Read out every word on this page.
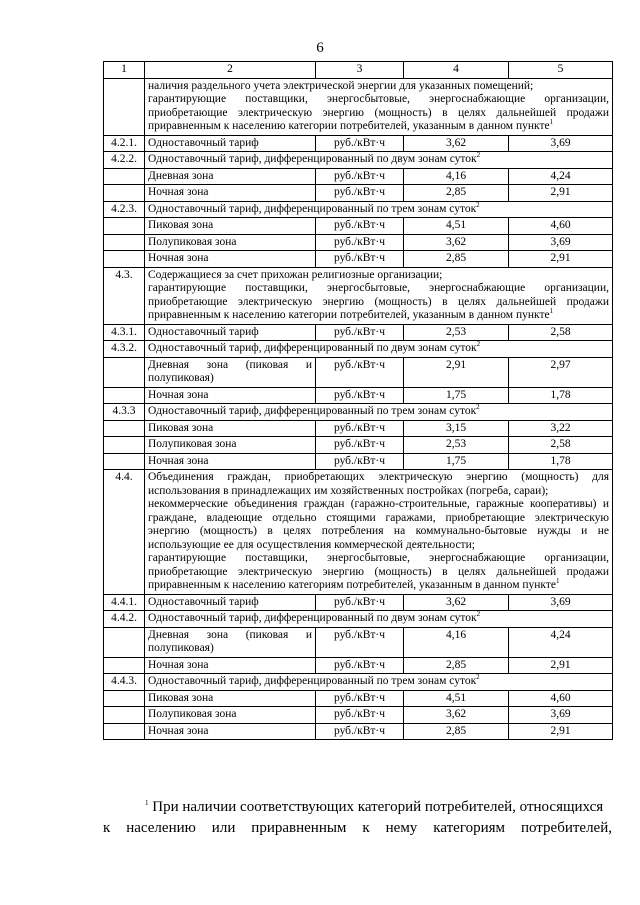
6
1	2	3	4	5
	наличия раздельного учета электрической энергии для указанных помещений;
гарантирующие поставщики, энергосбытовые, энергоснабжающие организации, приобретающие электрическую энергию (мощность) в целях дальнейшей продажи приравненным к населению категории потребителей, указанным в данном пункте$^1$
4.2.1.	Одноставочный тариф	руб./кВт·ч	3,62	3,69
4.2.2.	Одноставочный тариф, дифференцированный по двум зонам суток$^2$
	Дневная зона	руб./кВт·ч	4,16	4,24
	Ночная зона	руб./кВт·ч	2,85	2,91
4.2.3.	Одноставочный тариф, дифференцированный по трем зонам суток$^2$
	Пиковая зона	руб./кВт·ч	4,51	4,60
	Полупиковая зона	руб./кВт·ч	3,62	3,69
	Ночная зона	руб./кВт·ч	2,85	2,91
4.3.	Содержащиеся за счет прихожан религиозные организации;
гарантирующие поставщики, энергосбытовые, энергоснабжающие организации, приобретающие электрическую энергию (мощность) в целях дальнейшей продажи приравненным к населению категории потребителей, указанным в данном пункте$^1$
4.3.1.	Одноставочный тариф	руб./кВт·ч	2,53	2,58
4.3.2.	Одноставочный тариф, дифференцированный по двум зонам суток$^2$
	Дневная зона (пиковая и полупиковая)	руб./кВт·ч	2,91	2,97
	Ночная зона	руб./кВт·ч	1,75	1,78
4.3.3	Одноставочный тариф, дифференцированный по трем зонам суток$^2$
	Пиковая зона	руб./кВт·ч	3,15	3,22
	Полупиковая зона	руб./кВт·ч	2,53	2,58
	Ночная зона	руб./кВт·ч	1,75	1,78
4.4.	Объединения граждан, приобретающих электрическую энергию (мощность) для использования в принадлежащих им хозяйственных постройках (погреба, сараи);
некоммерческие объединения граждан (гаражно-строительные, гаражные кооперативы) и граждане, владеющие отдельно стоящими гаражами, приобретающие электрическую энергию (мощность) в целях потребления на коммунально-бытовые нужды и не использующие ее для осуществления коммерческой деятельности;
гарантирующие поставщики, энергосбытовые, энергоснабжающие организации, приобретающие электрическую энергию (мощность) в целях дальнейшей продажи приравненным к населению категориям потребителей, указанным в данном пункте$^1$
4.4.1.	Одноставочный тариф	руб./кВт·ч	3,62	3,69
4.4.2.	Одноставочный тариф, дифференцированный по двум зонам суток$^2$
	Дневная зона (пиковая и полупиковая)	руб./кВт·ч	4,16	4,24
	Ночная зона	руб./кВт·ч	2,85	2,91
4.4.3.	Одноставочный тариф, дифференцированный по трем зонам суток$^2$
	Пиковая зона	руб./кВт·ч	4,51	4,60
	Полупиковая зона	руб./кВт·ч	3,62	3,69
	Ночная зона	руб./кВт·ч	2,85	2,91
$^1$ При наличии соответствующих категорий потребителей, относящихся
к населению или приравненным к нему категориям потребителей,
